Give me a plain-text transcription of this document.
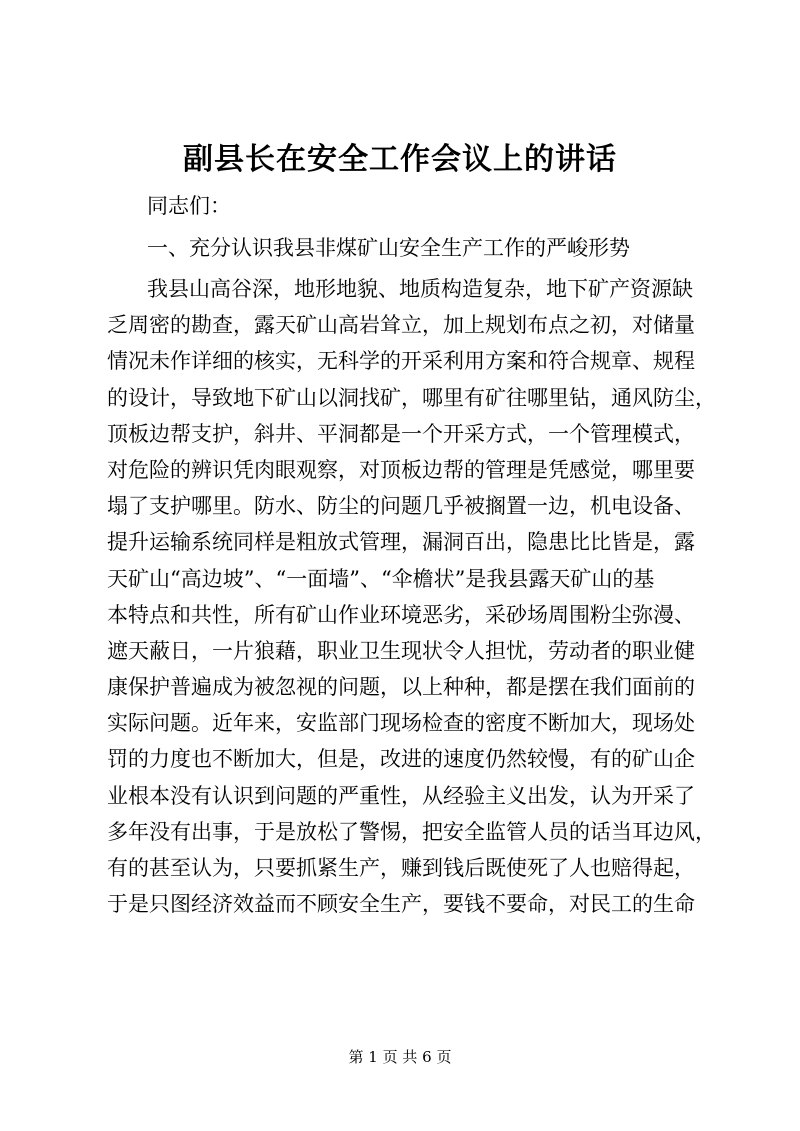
副县长在安全工作会议上的讲话
同志们：
一、充分认识我县非煤矿山安全生产工作的严峻形势
我县山高谷深，地形地貌、地质构造复杂，地下矿产资源缺
乏周密的勘查，露天矿山高岩耸立，加上规划布点之初，对储量
情况未作详细的核实，无科学的开采利用方案和符合规章、规程
的设计，导致地下矿山以洞找矿，哪里有矿往哪里钻，通风防尘，
顶板边帮支护，斜井、平洞都是一个开采方式，一个管理模式，
对危险的辨识凭肉眼观察，对顶板边帮的管理是凭感觉，哪里要
塌了支护哪里。防水、防尘的问题几乎被搁置一边，机电设备、
提升运输系统同样是粗放式管理，漏洞百出，隐患比比皆是，露
天矿山“高边坡”、“一面墙”、“伞檐状”是我县露天矿山的基
本特点和共性，所有矿山作业环境恶劣，采砂场周围粉尘弥漫、
遮天蔽日，一片狼藉，职业卫生现状令人担忧，劳动者的职业健
康保护普遍成为被忽视的问题，以上种种，都是摆在我们面前的
实际问题。近年来，安监部门现场检查的密度不断加大，现场处
罚的力度也不断加大，但是，改进的速度仍然较慢，有的矿山企
业根本没有认识到问题的严重性，从经验主义出发，认为开采了
多年没有出事，于是放松了警惕，把安全监管人员的话当耳边风，
有的甚至认为，只要抓紧生产，赚到钱后既使死了人也赔得起，
于是只图经济效益而不顾安全生产，要钱不要命，对民工的生命
第 1 页 共 6 页
